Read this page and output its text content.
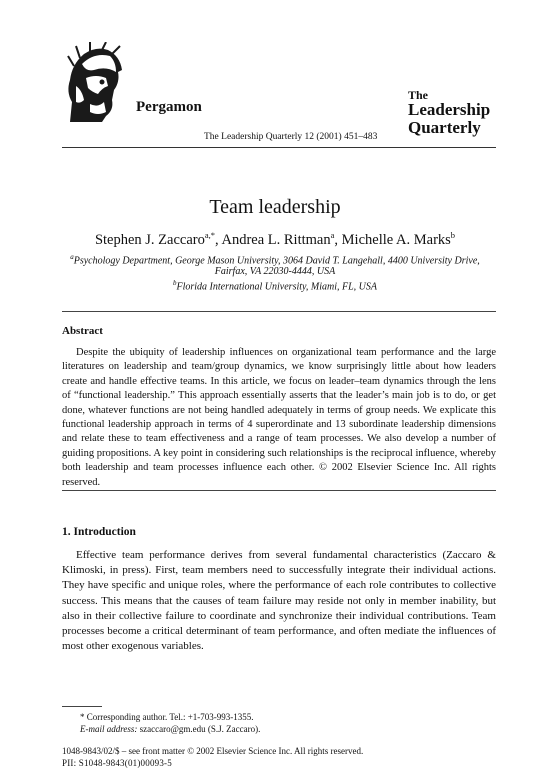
Pergamon
The Leadership Quarterly 12 (2001) 451–483
The
Leadership
Quarterly
Team leadership
Stephen J. Zaccaro$^{a,*}$, Andrea L. Rittman$^a$, Michelle A. Marks$^b$
$^a$Psychology Department, George Mason University, 3064 David T. Langehall, 4400 University Drive,
Fairfax, VA 22030-4444, USA
$^b$Florida International University, Miami, FL, USA
Abstract
Despite the ubiquity of leadership influences on organizational team performance and the large literatures on leadership and team/group dynamics, we know surprisingly little about how leaders create and handle effective teams. In this article, we focus on leader–team dynamics through the lens of “functional leadership.” This approach essentially asserts that the leader’s main job is to do, or get done, whatever functions are not being handled adequately in terms of group needs. We explicate this functional leadership approach in terms of 4 superordinate and 13 subordinate leadership dimensions and relate these to team effectiveness and a range of team processes. We also develop a number of guiding propositions. A key point in considering such relationships is the reciprocal influence, whereby both leadership and team processes influence each other. © 2002 Elsevier Science Inc. All rights reserved.
1. Introduction
Effective team performance derives from several fundamental characteristics (Zaccaro & Klimoski, in press). First, team members need to successfully integrate their individual actions. They have specific and unique roles, where the performance of each role contributes to collective success. This means that the causes of team failure may reside not only in member inability, but also in their collective failure to coordinate and synchronize their individual contributions. Team processes become a critical determinant of team performance, and often mediate the influences of most other exogenous variables.
* Corresponding author. Tel.: +1-703-993-1355.
E-mail address: szaccaro@gm.edu (S.J. Zaccaro).
1048-9843/02/$ – see front matter © 2002 Elsevier Science Inc. All rights reserved.
PII: S1048-9843(01)00093-5
